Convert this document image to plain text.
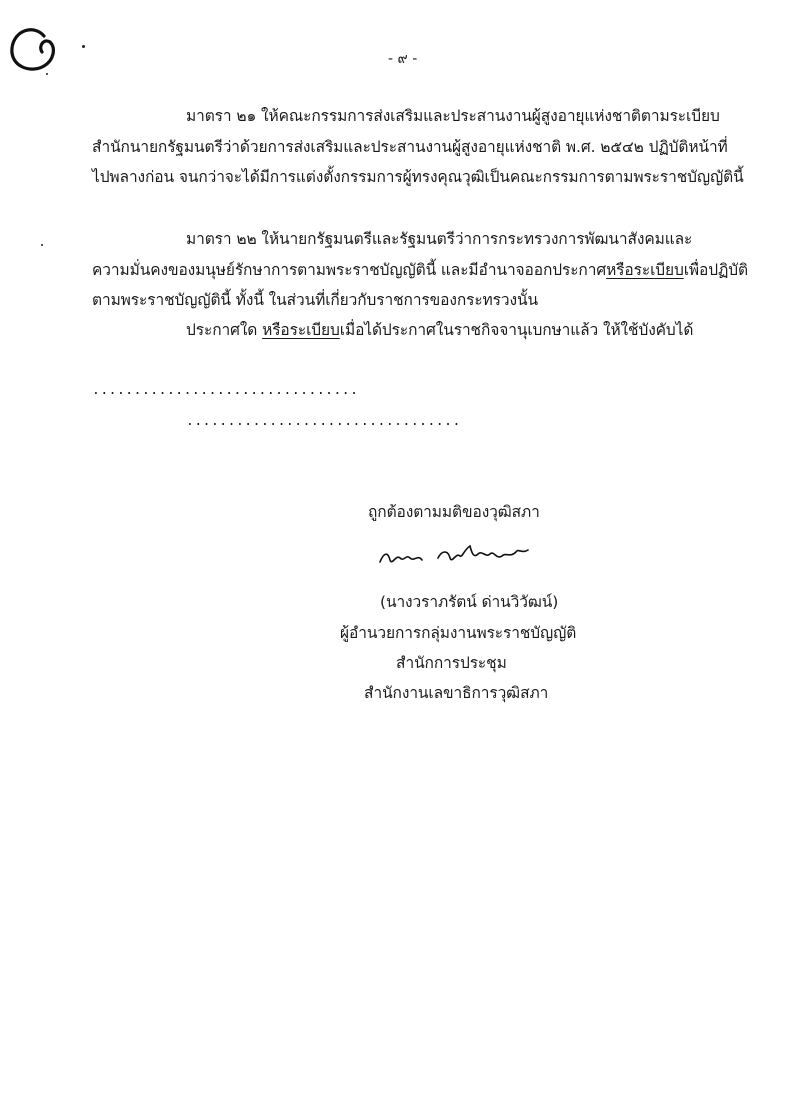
- ๙ -
มาตรา ๒๑ ให้คณะกรรมการส่งเสริมและประสานงานผู้สูงอายุแห่งชาติตามระเบียบ
สำนักนายกรัฐมนตรีว่าด้วยการส่งเสริมและประสานงานผู้สูงอายุแห่งชาติ พ.ศ. ๒๕๔๒ ปฏิบัติหน้าที่
ไปพลางก่อน จนกว่าจะได้มีการแต่งตั้งกรรมการผู้ทรงคุณวุฒิเป็นคณะกรรมการตามพระราชบัญญัตินี้
มาตรา ๒๒ ให้นายกรัฐมนตรีและรัฐมนตรีว่าการกระทรวงการพัฒนาสังคมและ
ความมั่นคงของมนุษย์รักษาการตามพระราชบัญญัตินี้ และมีอำนาจออกประกาศหรือระเบียบเพื่อปฏิบัติ
ตามพระราชบัญญัตินี้ ทั้งนี้ ในส่วนที่เกี่ยวกับราชการของกระทรวงนั้น
ประกาศใด หรือระเบียบเมื่อได้ประกาศในราชกิจจานุเบกษาแล้ว ให้ใช้บังคับได้
................................
.................................
ถูกต้องตามมติของวุฒิสภา
(นางวราภรัตน์ ด่านวิวัฒน์)
ผู้อำนวยการกลุ่มงานพระราชบัญญัติ
สำนักการประชุม
สำนักงานเลขาธิการวุฒิสภา
